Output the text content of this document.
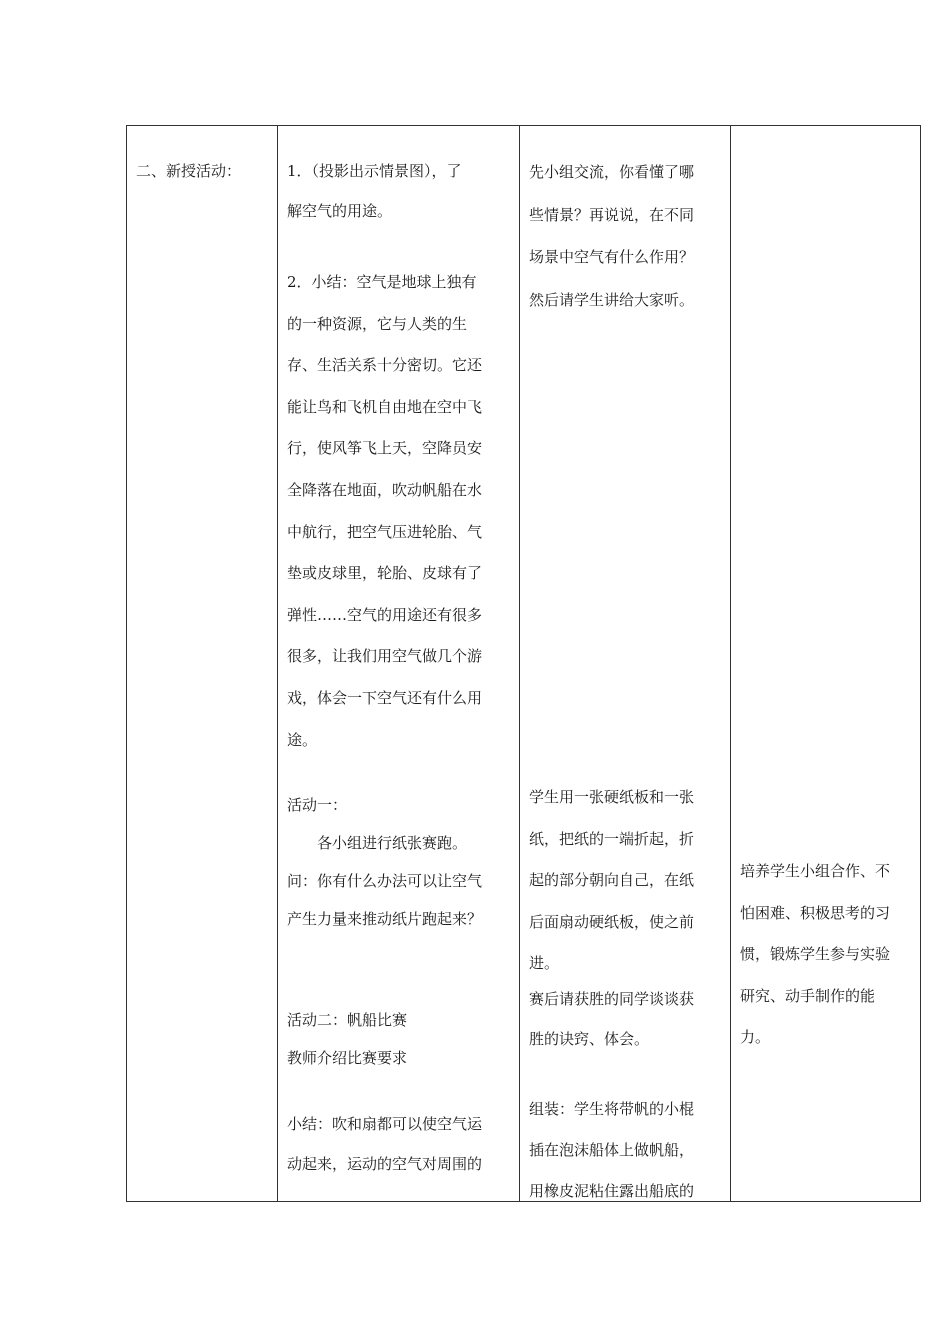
二、新授活动：	1．（投影出示情景图），了
解空气的用途。
2．小结：空气是地球上独有
的一种资源，它与人类的生
存、生活关系十分密切。它还
能让鸟和飞机自由地在空中飞
行，使风筝飞上天，空降员安
全降落在地面，吹动帆船在水
中航行，把空气压进轮胎、气
垫或皮球里，轮胎、皮球有了
弹性……空气的用途还有很多
很多，让我们用空气做几个游
戏，体会一下空气还有什么用
途。
活动一：
　　各小组进行纸张赛跑。
问：你有什么办法可以让空气
产生力量来推动纸片跑起来？
活动二：帆船比赛
教师介绍比赛要求
小结：吹和扇都可以使空气运
动起来，运动的空气对周围的
先小组交流，你看懂了哪
些情景？再说说，在不同
场景中空气有什么作用？
然后请学生讲给大家听。
学生用一张硬纸板和一张
纸，把纸的一端折起，折
起的部分朝向自己，在纸
后面扇动硬纸板，使之前
进。
赛后请获胜的同学谈谈获
胜的诀窍、体会。
组装：学生将带帆的小棍
插在泡沫船体上做帆船，
用橡皮泥粘住露出船底的
培养学生小组合作、不
怕困难、积极思考的习
惯，锻炼学生参与实验
研究、动手制作的能
力。
